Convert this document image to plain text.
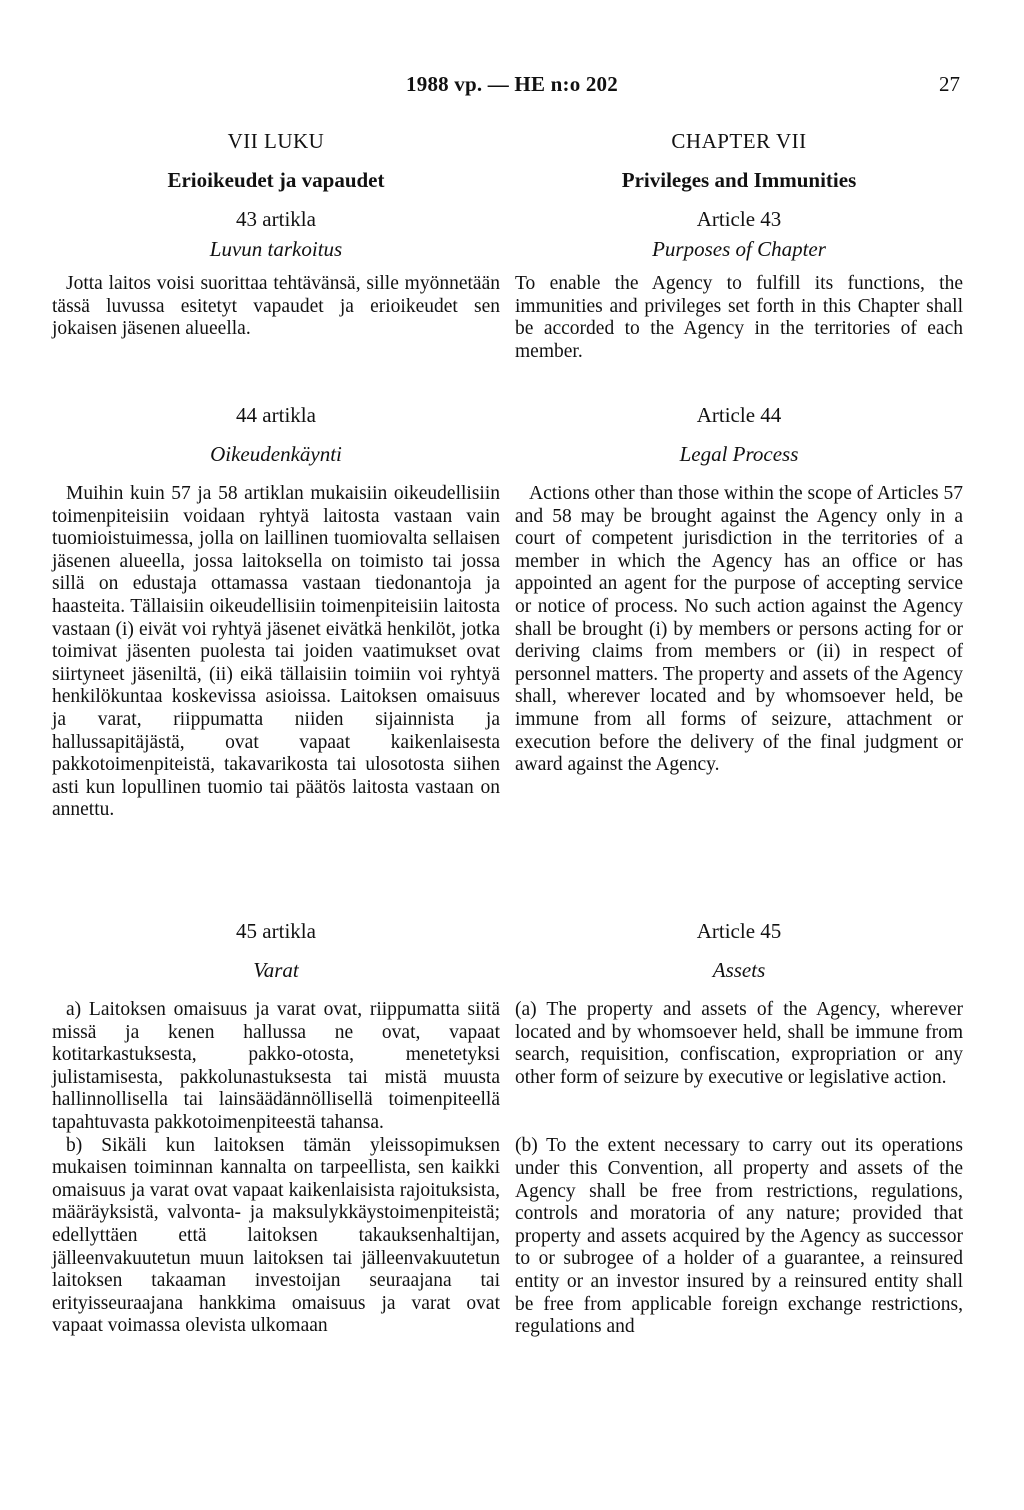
1988 vp. — HE n:o 202	27

VII LUKU

Erioikeudet ja vapaudet

43 artikla

Luvun tarkoitus

Jotta laitos voisi suorittaa tehtävänsä, sille myönnetään tässä luvussa esitetyt vapaudet ja erioikeudet sen jokaisen jäsenen alueella.

CHAPTER VII

Privileges and Immunities

Article 43

Purposes of Chapter

To enable the Agency to fulfill its functions, the immunities and privileges set forth in this Chapter shall be accorded to the Agency in the territories of each member.

44 artikla

Oikeudenkäynti

Muihin kuin 57 ja 58 artiklan mukaisiin oikeudellisiin toimenpiteisiin voidaan ryhtyä laitosta vastaan vain tuomioistuimessa, jolla on laillinen tuomiovalta sellaisen jäsenen alueella, jossa laitoksella on toimisto tai jossa sillä on edustaja ottamassa vastaan tiedonantoja ja haasteita. Tällaisiin oikeudellisiin toimenpiteisiin laitosta vastaan (i) eivät voi ryhtyä jäsenet eivätkä henkilöt, jotka toimivat jäsenten puolesta tai joiden vaatimukset ovat siirtyneet jäseniltä, (ii) eikä tällaisiin toimiin voi ryhtyä henkilökuntaa koskevissa asioissa. Laitoksen omaisuus ja varat, riippumatta niiden sijainnista ja hallussapitäjästä, ovat vapaat kaikenlaisesta pakkotoimenpiteistä, takavarikosta tai ulosotosta siihen asti kun lopullinen tuomio tai päätös laitosta vastaan on annettu.

Article 44

Legal Process

Actions other than those within the scope of Articles 57 and 58 may be brought against the Agency only in a court of competent jurisdiction in the territories of a member in which the Agency has an office or has appointed an agent for the purpose of accepting service or notice of process. No such action against the Agency shall be brought (i) by members or persons acting for or deriving claims from members or (ii) in respect of personnel matters. The property and assets of the Agency shall, wherever located and by whomsoever held, be immune from all forms of seizure, attachment or execution before the delivery of the final judgment or award against the Agency.

45 artikla

Varat

a) Laitoksen omaisuus ja varat ovat, riippumatta siitä missä ja kenen hallussa ne ovat, vapaat kotitarkastuksesta, pakko-otosta, menetetyksi julistamisesta, pakkolunastuksesta tai mistä muusta hallinnollisella tai lainsäädännöllisellä toimenpiteellä tapahtuvasta pakkotoimenpiteestä tahansa.

b) Sikäli kun laitoksen tämän yleissopimuksen mukaisen toiminnan kannalta on tarpeellista, sen kaikki omaisuus ja varat ovat vapaat kaikenlaisista rajoituksista, määräyksistä, valvonta- ja maksulykkäystoimenpiteistä; edellyttäen että laitoksen takauksenhaltijan, jälleenvakuutetun muun laitoksen tai jälleenvakuutetun laitoksen takaaman investoijan seuraajana tai erityisseuraajana hankkima omaisuus ja varat ovat vapaat voimassa olevista ulkomaan

Article 45

Assets

(a) The property and assets of the Agency, wherever located and by whomsoever held, shall be immune from search, requisition, confiscation, expropriation or any other form of seizure by executive or legislative action.

(b) To the extent necessary to carry out its operations under this Convention, all property and assets of the Agency shall be free from restrictions, regulations, controls and moratoria of any nature; provided that property and assets acquired by the Agency as successor to or subrogee of a holder of a guarantee, a reinsured entity or an investor insured by a reinsured entity shall be free from applicable foreign exchange restrictions, regulations and
